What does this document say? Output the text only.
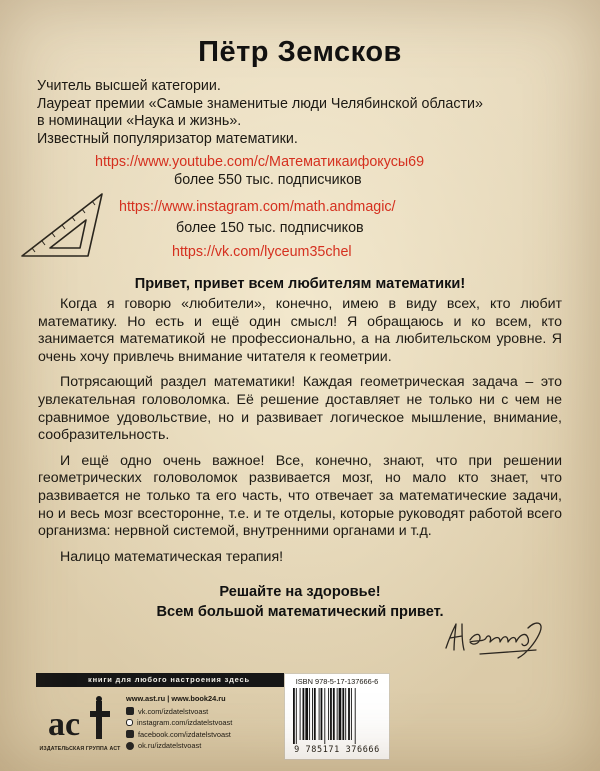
Пётр Земсков
Учитель высшей категории.
Лауреат премии «Самые знаменитые люди Челябинской области»
в номинации «Наука и жизнь».
Известный популяризатор математики.
https://www.youtube.com/c/Математикаифокусы69
более 550 тыс. подписчиков
https://www.instagram.com/math.andmagic/
более 150 тыс. подписчиков
https://vk.com/lyceum35chel
Привет, привет всем любителям математики!

Когда я говорю «любители», конечно, имею в виду всех, кто любит математику. Но есть и ещё один смысл! Я обращаюсь и ко всем, кто занимается математикой не профессионально, а на любительском уровне. Я очень хочу привлечь внимание читателя к геометрии.

Потрясающий раздел математики! Каждая геометрическая задача – это увлекательная головоломка. Её решение доставляет не только ни с чем не сравнимое удовольствие, но и развивает логическое мышление, внимание, сообразительность.

И ещё одно очень важное! Все, конечно, знают, что при решении геометрических головоломок развивается мозг, но мало кто знает, что развивается не только та его часть, что отвечает за математические задачи, но и весь мозг всесторонне, т.е. и те отделы, которые руководят работой всего организма: нервной системой, внутренними органами и т.д.

Налицо математическая терапия!

Решайте на здоровье!
Всем большой математический привет.
книги для любого настроения здесь
ас
ИЗДАТЕЛЬСКАЯ ГРУППА АСТ
www.ast.ru | www.book24.ru
vk.com/izdatelstvoast
instagram.com/izdatelstvoast
facebook.com/izdatelstvoast
ok.ru/izdatelstvoast
ISBN 978-5-17-137666-6
9 785171 376666
